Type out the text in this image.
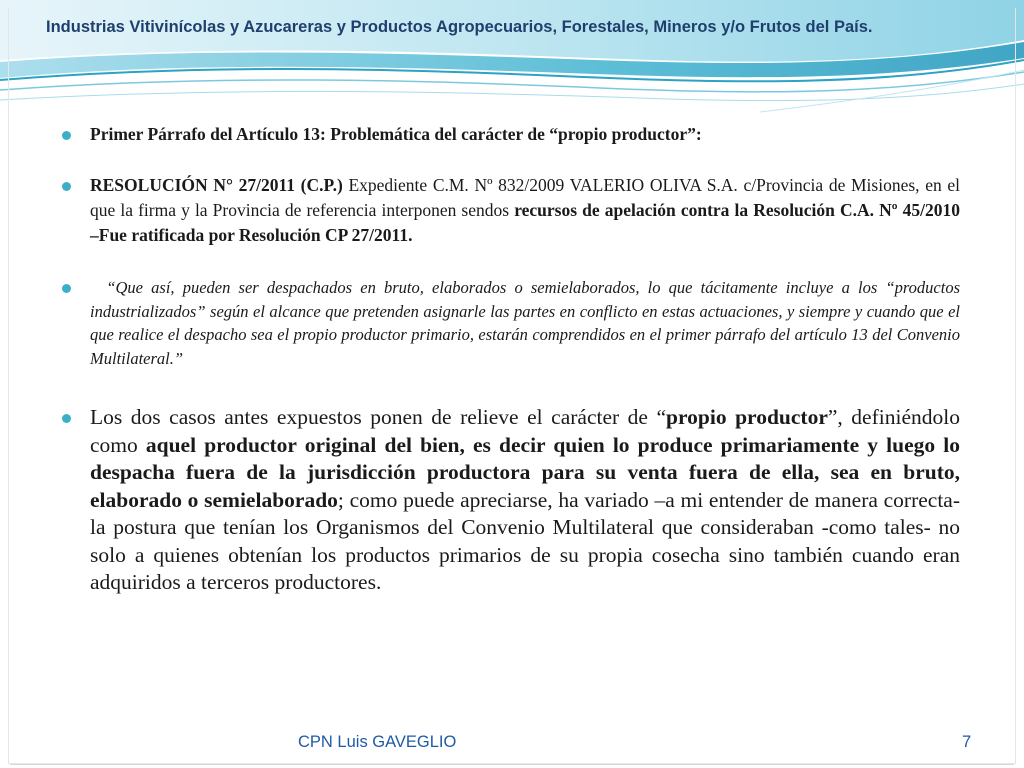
Industrias Vitivinícolas y Azucareras y Productos Agropecuarios, Forestales, Mineros y/o Frutos del País.
Primer Párrafo del Artículo 13: Problemática del carácter de “propio productor”:
RESOLUCIÓN N° 27/2011 (C.P.) Expediente C.M. Nº 832/2009 VALERIO OLIVA S.A. c/Provincia de Misiones, en el que la firma y la Provincia de referencia interponen sendos recursos de apelación contra la Resolución C.A. Nº 45/2010 –Fue ratificada por Resolución CP 27/2011.
“Que así, pueden ser despachados en bruto, elaborados o semielaborados, lo que tácitamente incluye a los “productos industrializados” según el alcance que pretenden asignarle las partes en conflicto en estas actuaciones, y siempre y cuando que el que realice el despacho sea el propio productor primario, estarán comprendidos en el primer párrafo del artículo 13 del Convenio Multilateral.”
Los dos casos antes expuestos ponen de relieve el carácter de “propio productor”, definiéndolo como aquel productor original del bien, es decir quien lo produce primariamente y luego lo despacha fuera de la jurisdicción productora para su venta fuera de ella, sea en bruto, elaborado o semielaborado; como puede apreciarse, ha variado –a mi entender de manera correcta- la postura que tenían los Organismos del Convenio Multilateral que consideraban -como tales- no solo a quienes obtenían los productos primarios de su propia cosecha sino también cuando eran adquiridos a terceros productores.
CPN Luis GAVEGLIO	7
